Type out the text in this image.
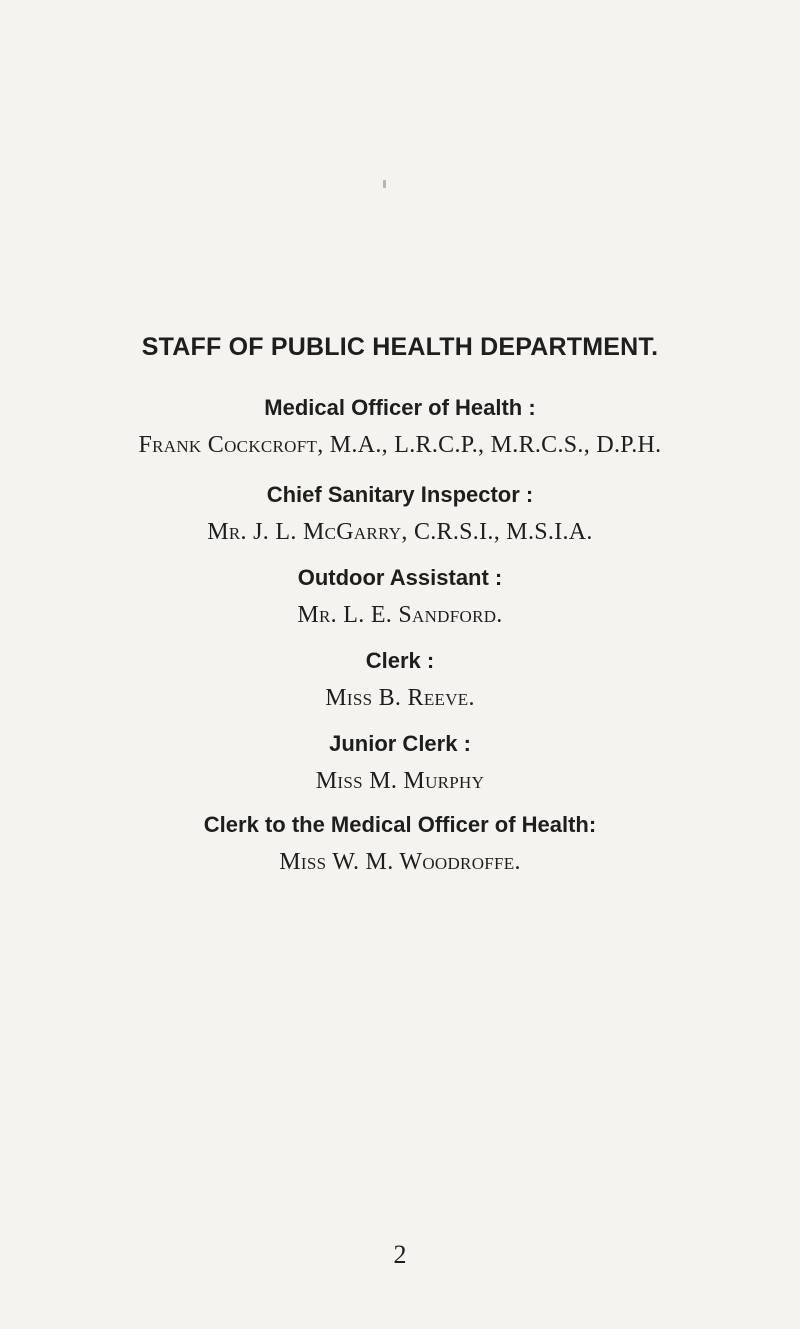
STAFF OF PUBLIC HEALTH DEPARTMENT.
Medical Officer of Health :
Frank Cockcroft, M.A., L.R.C.P., M.R.C.S., D.P.H.
Chief Sanitary Inspector :
Mr. J. L. McGarry, C.R.S.I., M.S.I.A.
Outdoor Assistant :
Mr. L. E. Sandford.
Clerk :
Miss B. Reeve.
Junior Clerk :
Miss M. Murphy
Clerk to the Medical Officer of Health:
Miss W. M. Woodroffe.
2
